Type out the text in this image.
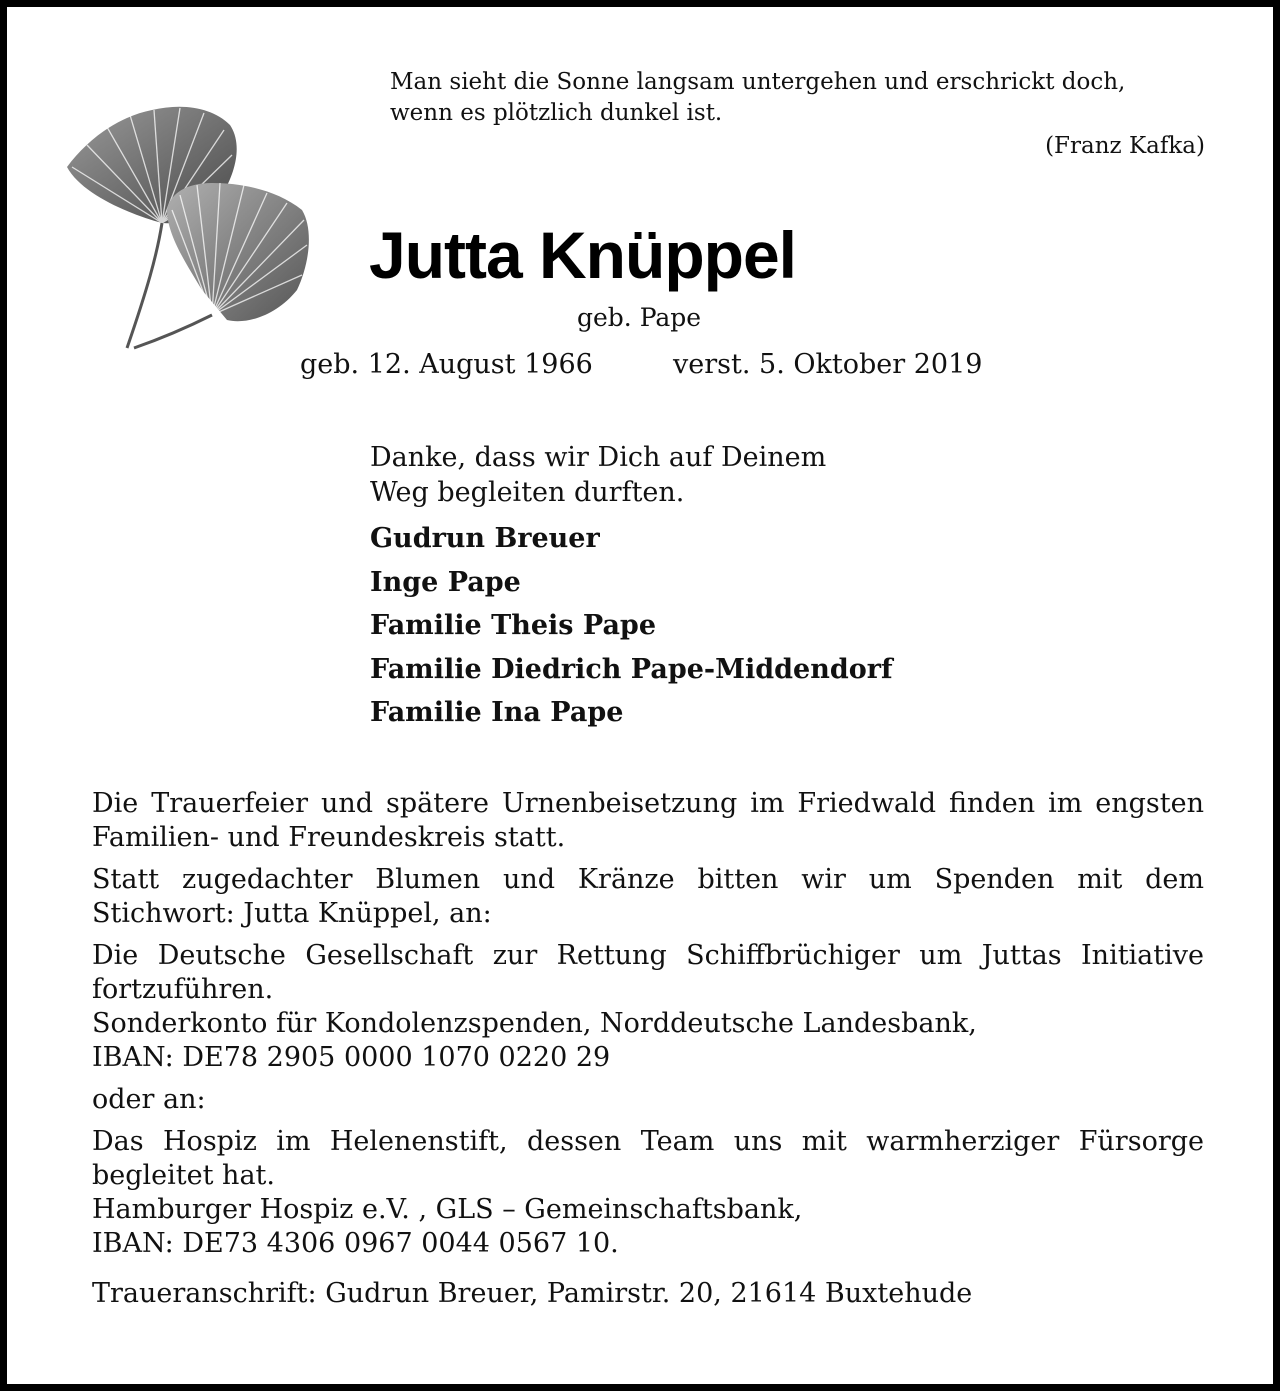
Man sieht die Sonne langsam untergehen und erschrickt doch,
wenn es plötzlich dunkel ist.
(Franz Kafka)
Jutta Knüppel
geb. Pape
geb. 12. August 1966	verst. 5. Oktober 2019
Danke, dass wir Dich auf Deinem
Weg begleiten durften.
Gudrun Breuer
Inge Pape
Familie Theis Pape
Familie Diedrich Pape-Middendorf
Familie Ina Pape

Die Trauerfeier und spätere Urnenbeisetzung im Friedwald finden im engsten
Familien- und Freundeskreis statt.

Statt zugedachter Blumen und Kränze bitten wir um Spenden mit dem
Stichwort: Jutta Knüppel, an:

Die Deutsche Gesellschaft zur Rettung Schiffbrüchiger um Juttas Initiative
fortzuführen.
Sonderkonto für Kondolenzspenden, Norddeutsche Landesbank,
IBAN: DE78 2905 0000 1070 0220 29

oder an:

Das Hospiz im Helenenstift, dessen Team uns mit warmherziger Fürsorge
begleitet hat.
Hamburger Hospiz e.V. , GLS – Gemeinschaftsbank,
IBAN: DE73 4306 0967 0044 0567 10.

Traueranschrift: Gudrun Breuer, Pamirstr. 20, 21614 Buxtehude
